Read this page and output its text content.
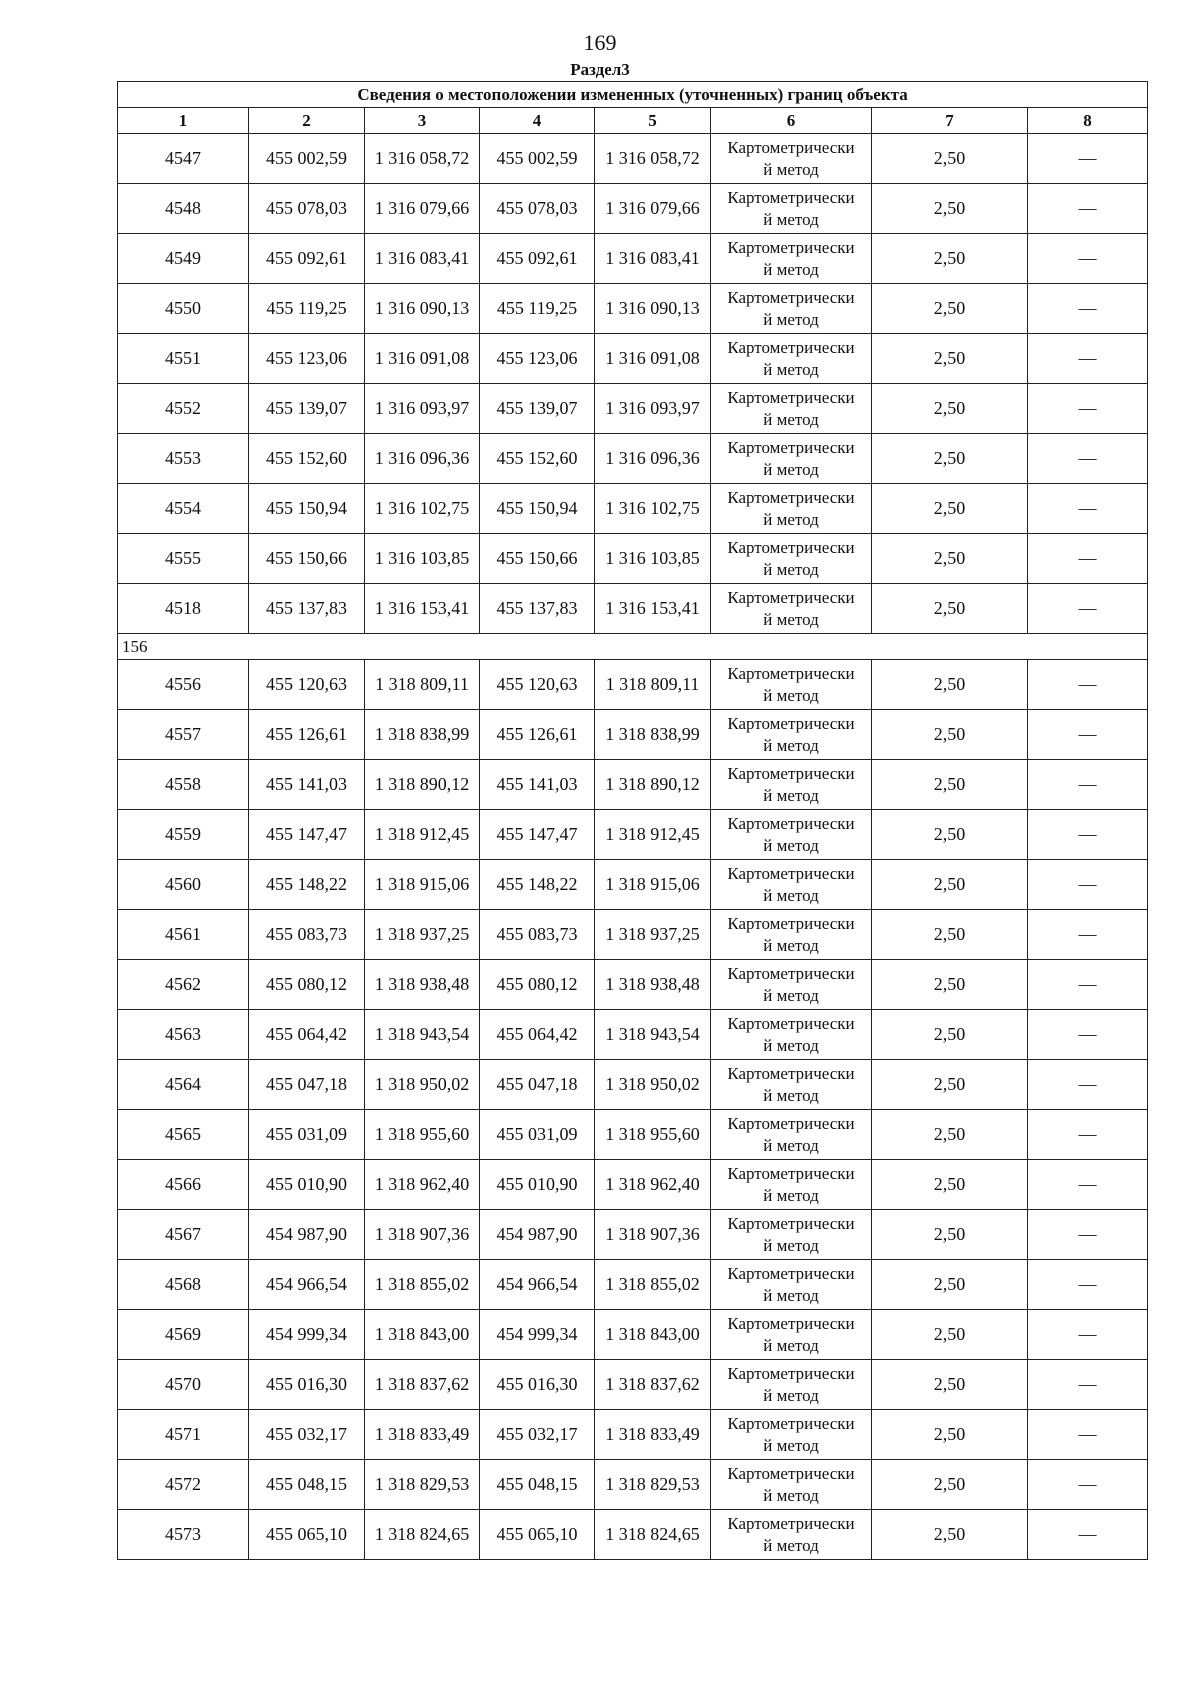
169
Раздел3
Сведения о местоположении измененных (уточненных) границ объекта							
1	2	3	4	5	6	7	8
4547	455 002,59	1 316 058,72	455 002,59	1 316 058,72	Картометрически
й метод	2,50	—
4548	455 078,03	1 316 079,66	455 078,03	1 316 079,66	Картометрически
й метод	2,50	—
4549	455 092,61	1 316 083,41	455 092,61	1 316 083,41	Картометрически
й метод	2,50	—
4550	455 119,25	1 316 090,13	455 119,25	1 316 090,13	Картометрически
й метод	2,50	—
4551	455 123,06	1 316 091,08	455 123,06	1 316 091,08	Картометрически
й метод	2,50	—
4552	455 139,07	1 316 093,97	455 139,07	1 316 093,97	Картометрически
й метод	2,50	—
4553	455 152,60	1 316 096,36	455 152,60	1 316 096,36	Картометрически
й метод	2,50	—
4554	455 150,94	1 316 102,75	455 150,94	1 316 102,75	Картометрически
й метод	2,50	—
4555	455 150,66	1 316 103,85	455 150,66	1 316 103,85	Картометрически
й метод	2,50	—
4518	455 137,83	1 316 153,41	455 137,83	1 316 153,41	Картометрически
й метод	2,50	—
156							
4556	455 120,63	1 318 809,11	455 120,63	1 318 809,11	Картометрически
й метод	2,50	—
4557	455 126,61	1 318 838,99	455 126,61	1 318 838,99	Картометрически
й метод	2,50	—
4558	455 141,03	1 318 890,12	455 141,03	1 318 890,12	Картометрически
й метод	2,50	—
4559	455 147,47	1 318 912,45	455 147,47	1 318 912,45	Картометрически
й метод	2,50	—
4560	455 148,22	1 318 915,06	455 148,22	1 318 915,06	Картометрически
й метод	2,50	—
4561	455 083,73	1 318 937,25	455 083,73	1 318 937,25	Картометрически
й метод	2,50	—
4562	455 080,12	1 318 938,48	455 080,12	1 318 938,48	Картометрически
й метод	2,50	—
4563	455 064,42	1 318 943,54	455 064,42	1 318 943,54	Картометрически
й метод	2,50	—
4564	455 047,18	1 318 950,02	455 047,18	1 318 950,02	Картометрически
й метод	2,50	—
4565	455 031,09	1 318 955,60	455 031,09	1 318 955,60	Картометрически
й метод	2,50	—
4566	455 010,90	1 318 962,40	455 010,90	1 318 962,40	Картометрически
й метод	2,50	—
4567	454 987,90	1 318 907,36	454 987,90	1 318 907,36	Картометрически
й метод	2,50	—
4568	454 966,54	1 318 855,02	454 966,54	1 318 855,02	Картометрически
й метод	2,50	—
4569	454 999,34	1 318 843,00	454 999,34	1 318 843,00	Картометрически
й метод	2,50	—
4570	455 016,30	1 318 837,62	455 016,30	1 318 837,62	Картометрически
й метод	2,50	—
4571	455 032,17	1 318 833,49	455 032,17	1 318 833,49	Картометрически
й метод	2,50	—
4572	455 048,15	1 318 829,53	455 048,15	1 318 829,53	Картометрически
й метод	2,50	—
4573	455 065,10	1 318 824,65	455 065,10	1 318 824,65	Картометрически
й метод	2,50	—
